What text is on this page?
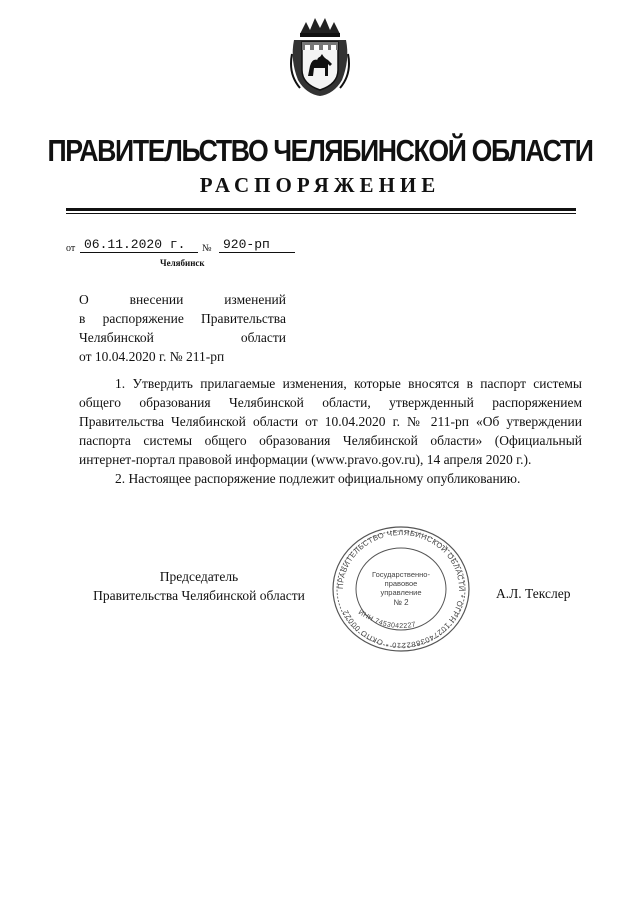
ПРАВИТЕЛЬСТВО ЧЕЛЯБИНСКОЙ ОБЛАСТИ
РАСПОРЯЖЕНИЕ
от 06.11.2020 г.	№ 920-рп
Челябинск
О внесении изменений
в распоряжение Правительства
Челябинской области
от 10.04.2020 г. № 211-рп

1. Утвердить прилагаемые изменения, которые вносятся в паспорт системы общего образования Челябинской области, утвержденный распоряжением Правительства Челябинской области от 10.04.2020 г. № 211-рп «Об утверждении паспорта системы общего образования Челябинской области» (Официальный интернет-портал правовой информации (www.pravo.gov.ru), 14 апреля 2020 г.).

2. Настоящее распоряжение подлежит официальному опубликованию.

Председатель
Правительства Челябинской области	А.Л. Текслер
ПРАВИТЕЛЬСТВО ЧЕЛЯБИНСКОЙ ОБЛАСТИ * ОГРН 1027403882210 * ОКПО 00022 ИНН 7453042227
Государственно-
правовое
управление
№ 2
